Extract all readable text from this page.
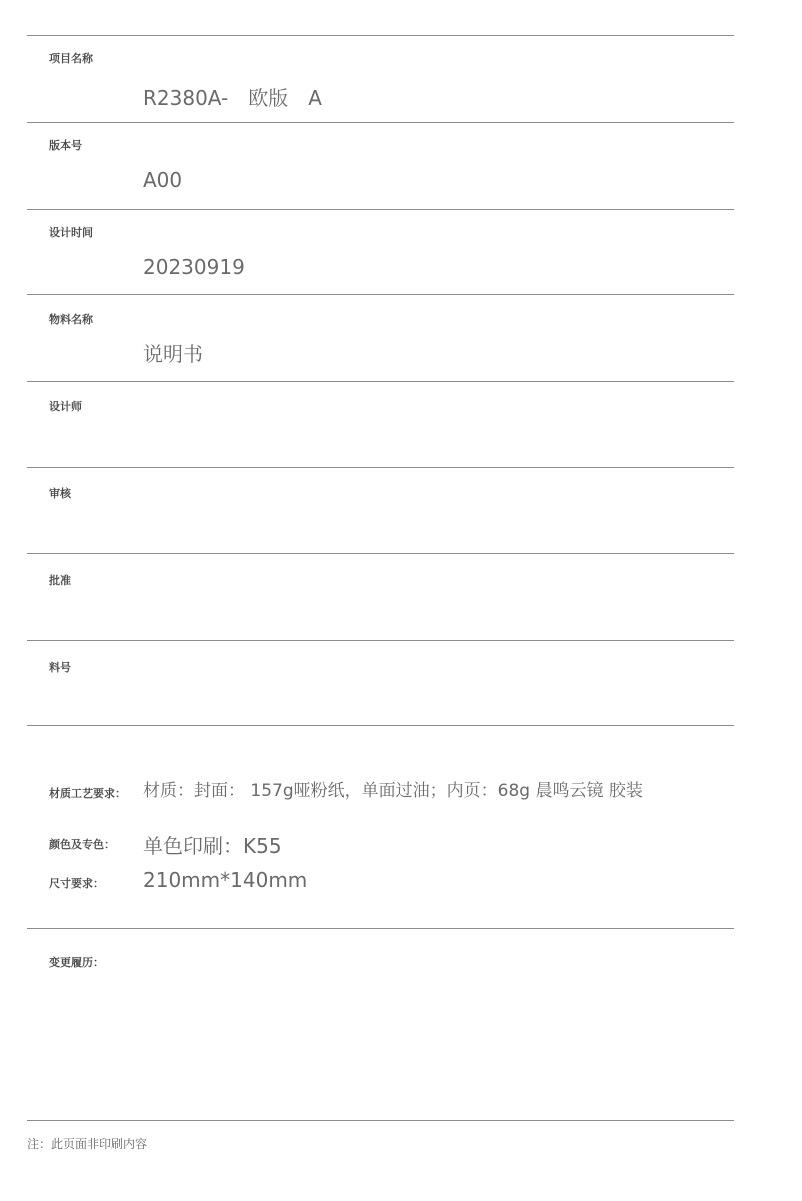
项目名称
R2380A-　欧版　A
版本号
A00
设计时间
20230919
物料名称
说明书
设计师
审核
批准
料号
材质工艺要求： 材质：封面： 157g哑粉纸，单面过油；内页：68g 晨鸣云镜 胶装
颜色及专色： 单色印刷：K55
尺寸要求： 210mm*140mm
变更履历：
注：此页面非印刷内容
